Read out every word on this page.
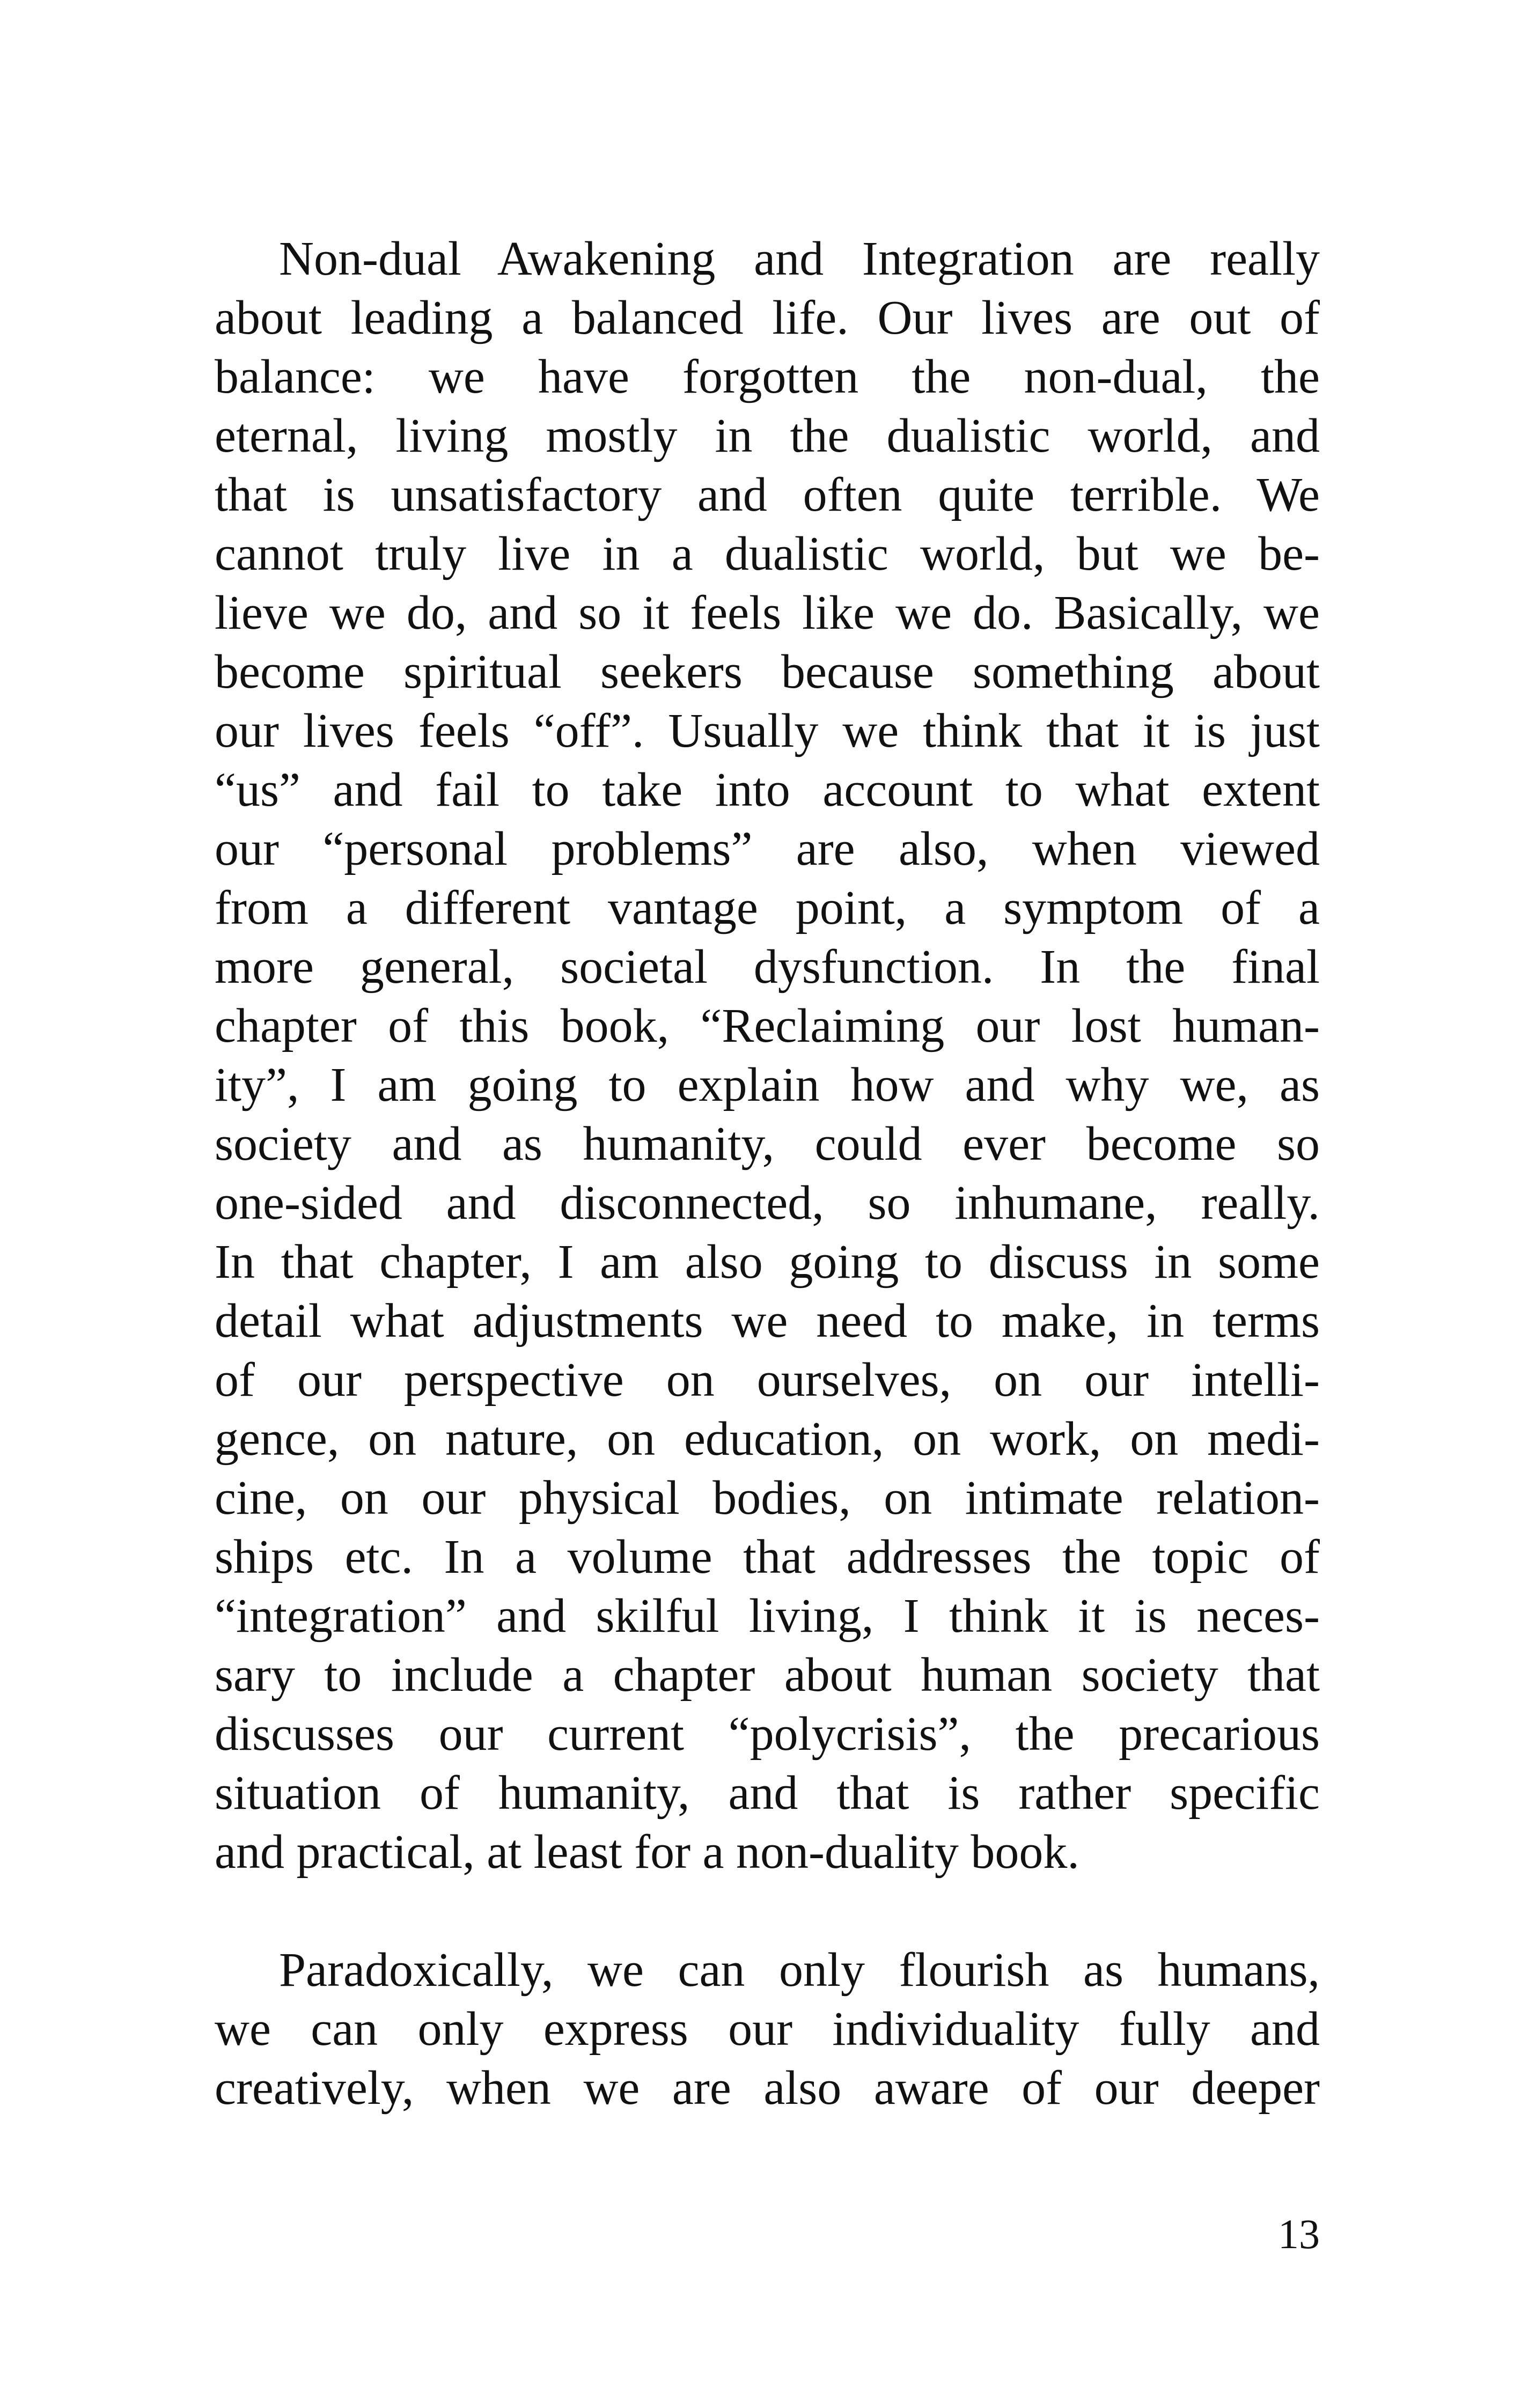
Non-dual Awakening and Integration are really
about leading a balanced life. Our lives are out of
balance: we have forgotten the non-dual, the
eternal, living mostly in the dualistic world, and
that is unsatisfactory and often quite terrible. We
cannot truly live in a dualistic world, but we be-
lieve we do, and so it feels like we do. Basically, we
become spiritual seekers because something about
our lives feels “off”. Usually we think that it is just
“us” and fail to take into account to what extent
our “personal problems” are also, when viewed
from a different vantage point, a symptom of a
more general, societal dysfunction. In the final
chapter of this book, “Reclaiming our lost human-
ity”, I am going to explain how and why we, as
society and as humanity, could ever become so
one-sided and disconnected, so inhumane, really.
In that chapter, I am also going to discuss in some
detail what adjustments we need to make, in terms
of our perspective on ourselves, on our intelli-
gence, on nature, on education, on work, on medi-
cine, on our physical bodies, on intimate relation-
ships etc. In a volume that addresses the topic of
“integration” and skilful living, I think it is neces-
sary to include a chapter about human society that
discusses our current “polycrisis”, the precarious
situation of humanity, and that is rather specific
and practical, at least for a non-duality book.
Paradoxically, we can only flourish as humans,
we can only express our individuality fully and
creatively, when we are also aware of our deeper
13
